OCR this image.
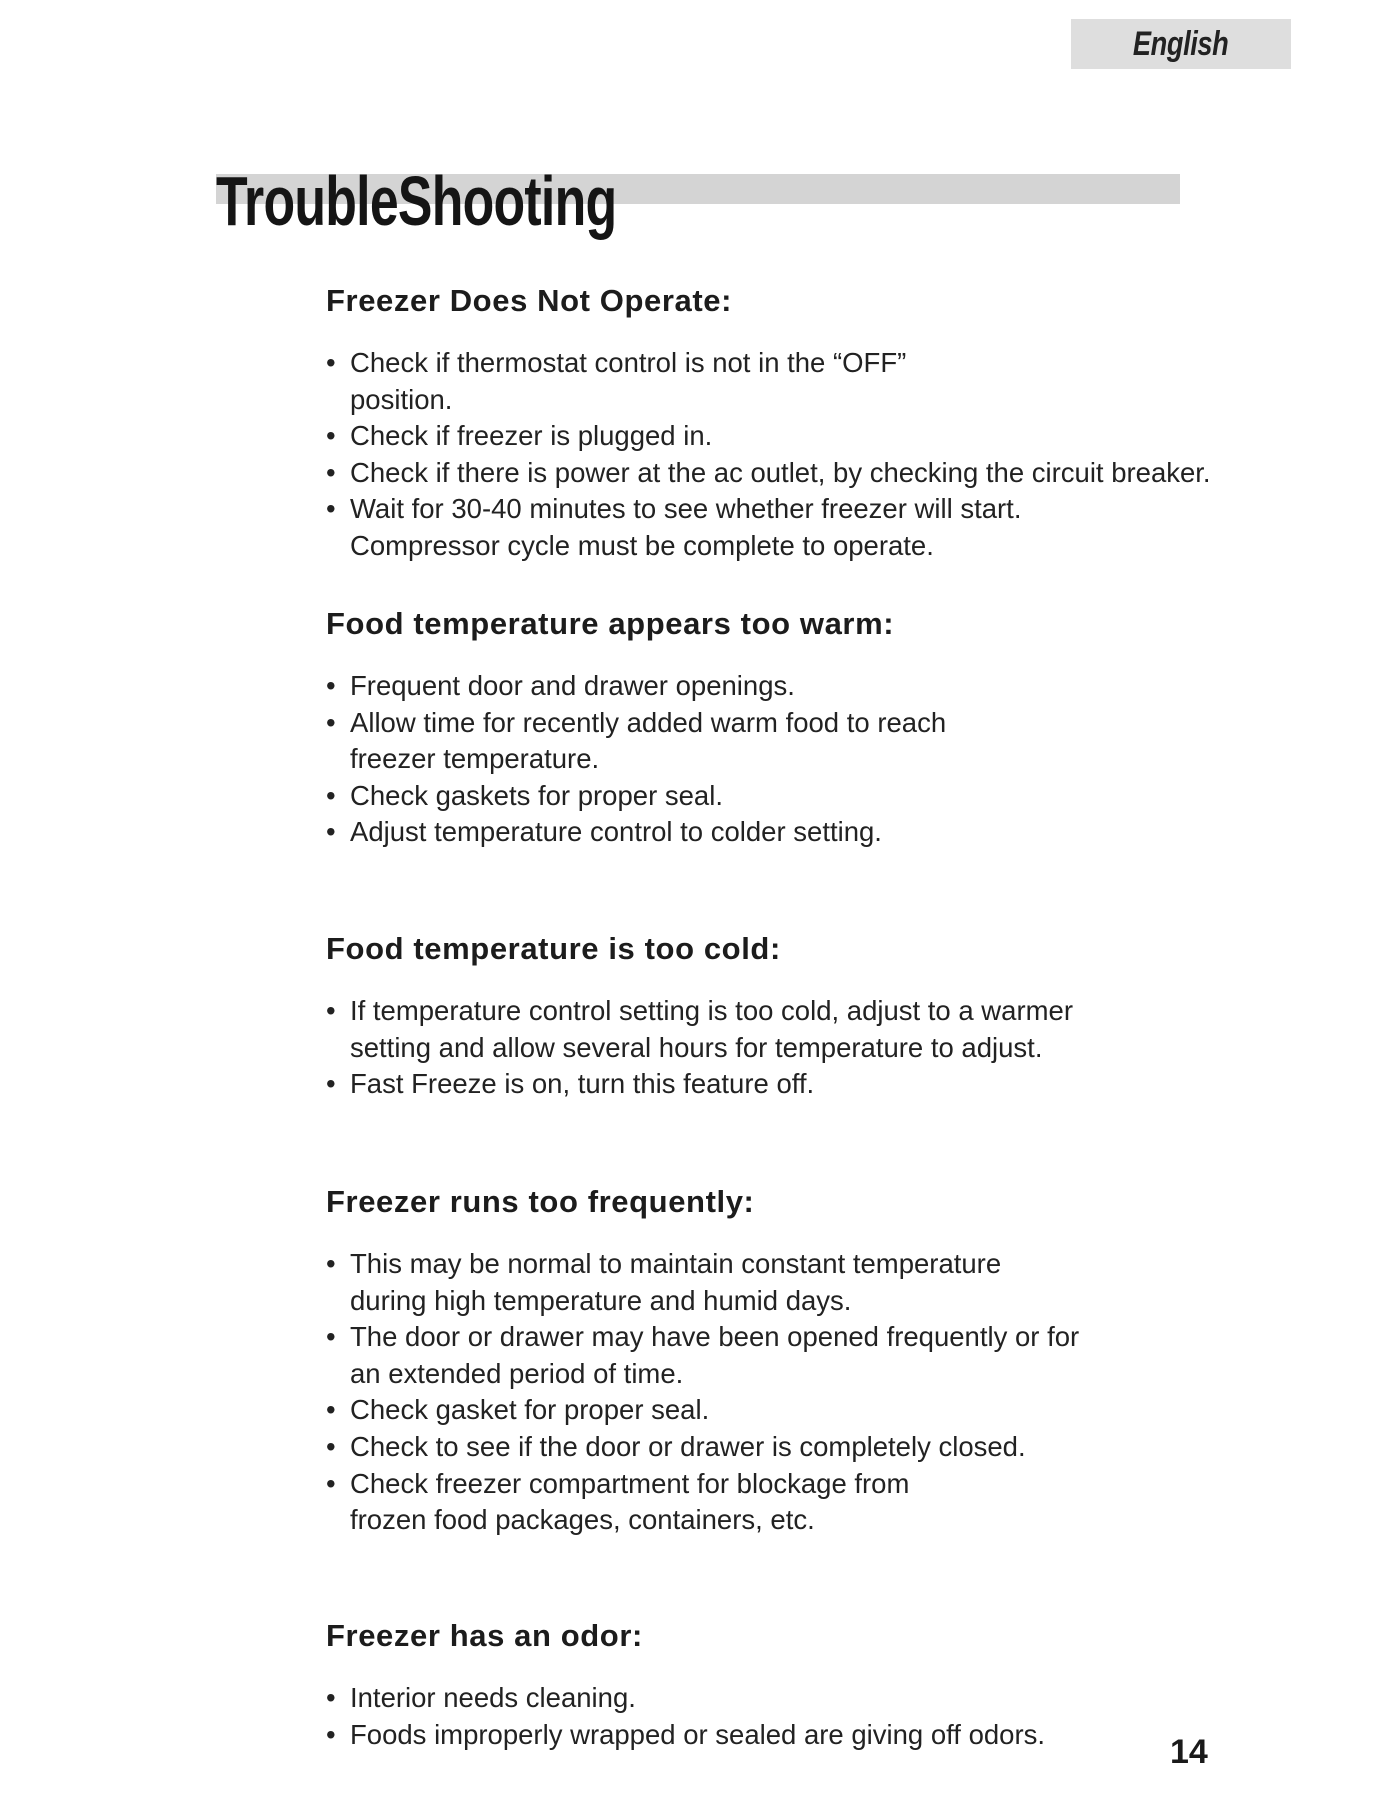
English
TroubleShooting
Freezer Does Not Operate:
• Check if thermostat control is not in the “OFF” position.
• Check if freezer is plugged in.
• Check if there is power at the ac outlet, by checking the circuit breaker.
• Wait for 30-40 minutes to see whether freezer will start. Compressor cycle must be complete to operate.
Food temperature appears too warm:
• Frequent door and drawer openings.
• Allow time for recently added warm food to reach freezer temperature.
• Check gaskets for proper seal.
• Adjust temperature control to colder setting.
Food temperature is too cold:
• If temperature control setting is too cold, adjust to a warmer setting and allow several hours for temperature to adjust.
• Fast Freeze is on, turn this feature off.
Freezer runs too frequently:
• This may be normal to maintain constant temperature during high temperature and humid days.
• The door or drawer may have been opened frequently or for an extended period of time.
• Check gasket for proper seal.
• Check to see if the door or drawer is completely closed.
• Check freezer compartment for blockage from frozen food packages, containers, etc.
Freezer has an odor:
• Interior needs cleaning.
• Foods improperly wrapped or sealed are giving off odors.	14
